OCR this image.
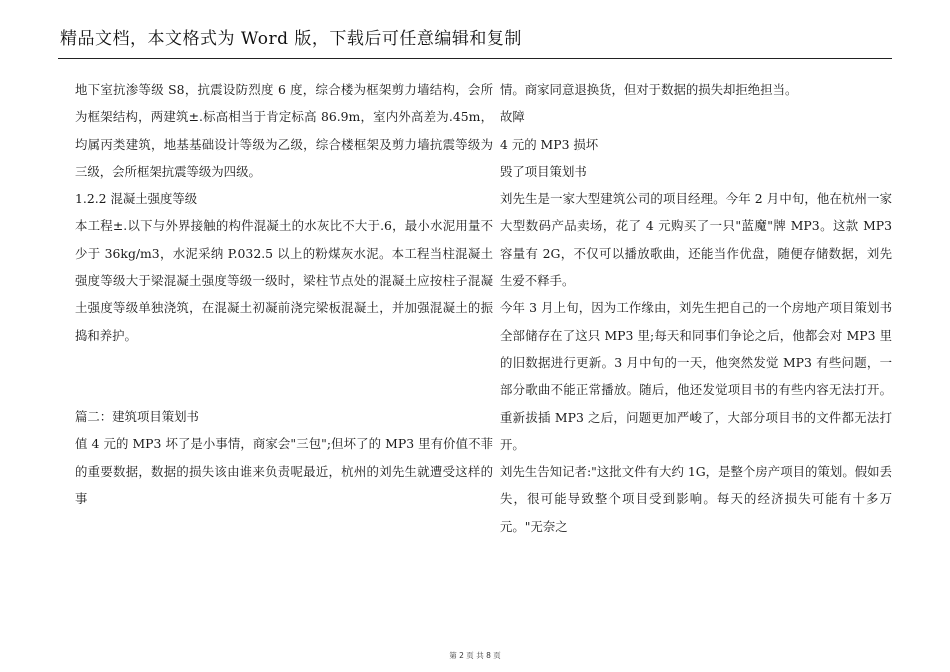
精品文档，本文格式为 Word 版，下载后可任意编辑和复制

地下室抗渗等级 S8，抗震设防烈度 6 度，综合楼为框架剪力墙结构，会所为框架结构，两建筑±.标高相当于肯定标高 86.9m，室内外高差为.45m，均属丙类建筑，地基基础设计等级为乙级，综合楼框架及剪力墙抗震等级为三级，会所框架抗震等级为四级。

1.2.2 混凝土强度等级

本工程±.以下与外界接触的构件混凝土的水灰比不大于.6，最小水泥用量不少于 36kg/m3，水泥采纳 P.032.5 以上的粉煤灰水泥。本工程当柱混凝土强度等级大于梁混凝土强度等级一级时，梁柱节点处的混凝土应按柱子混凝土强度等级单独浇筑，在混凝土初凝前浇完梁板混凝土，并加强混凝土的振捣和养护。

篇二：建筑项目策划书

值 4 元的 MP3 坏了是小事情，商家会"三包";但坏了的 MP3 里有价值不菲的重要数据，数据的损失该由谁来负责呢最近，杭州的刘先生就遭受这样的事

情。商家同意退换货，但对于数据的损失却拒绝担当。

故障

4 元的 MP3 损坏

毁了项目策划书

刘先生是一家大型建筑公司的项目经理。今年 2 月中旬，他在杭州一家大型数码产品卖场，花了 4 元购买了一只"蓝魔"牌 MP3。这款 MP3 容量有 2G，不仅可以播放歌曲，还能当作优盘，随便存储数据，刘先生爱不释手。

今年 3 月上旬，因为工作缘由，刘先生把自己的一个房地产项目策划书全部储存在了这只 MP3 里;每天和同事们争论之后，他都会对 MP3 里的旧数据进行更新。3 月中旬的一天，他突然发觉 MP3 有些问题，一部分歌曲不能正常播放。随后，他还发觉项目书的有些内容无法打开。重新拔插 MP3 之后，问题更加严峻了，大部分项目书的文件都无法打开。

刘先生告知记者:"这批文件有大约 1G，是整个房产项目的策划。假如丢失，很可能导致整个项目受到影响。每天的经济损失可能有十多万元。"无奈之

第 2 页 共 8 页
